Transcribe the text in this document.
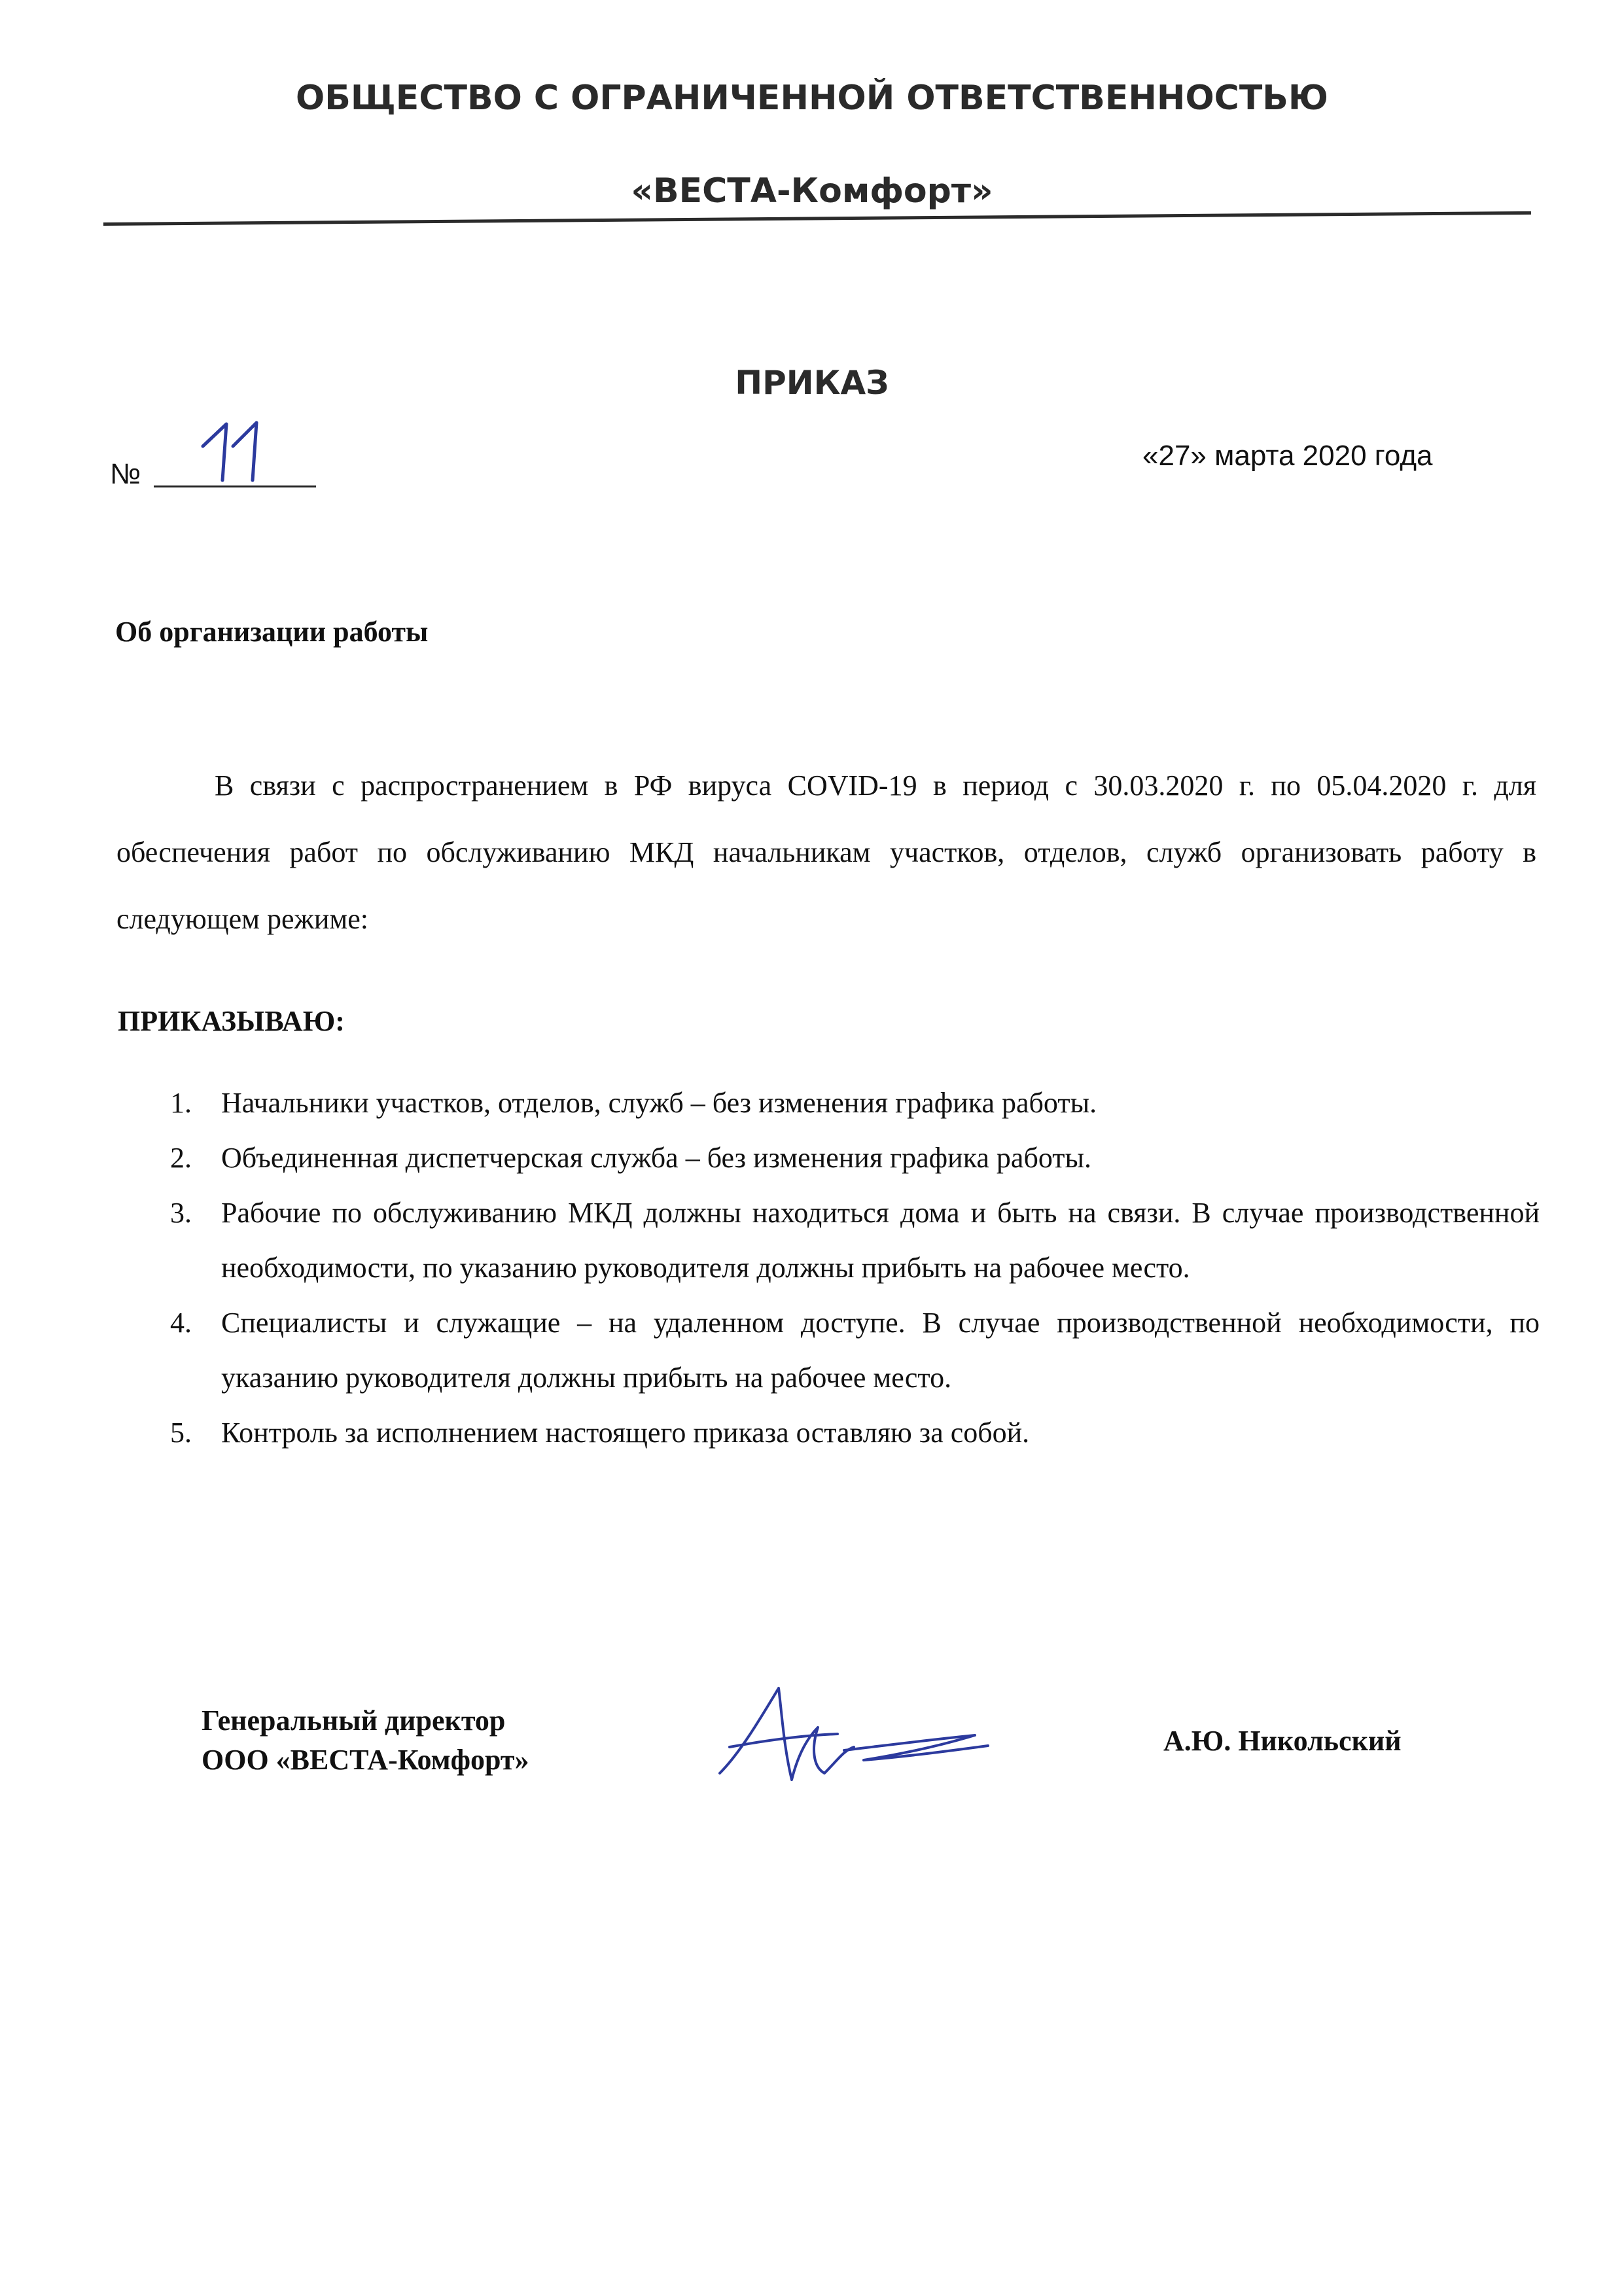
ОБЩЕСТВО С ОГРАНИЧЕННОЙ ОТВЕТСТВЕННОСТЬЮ
«ВЕСТА-Комфорт»
ПРИКАЗ
№
«27» марта 2020 года
Об организации работы
В связи с распространением в РФ вируса COVID-19 в период с 30.03.2020 г. по 05.04.2020 г. для обеспечения работ по обслуживанию МКД начальникам участков, отделов, служб организовать работу в следующем режиме:
ПРИКАЗЫВАЮ:
1. Начальники участков, отделов, служб – без изменения графика работы.
2. Объединенная диспетчерская служба – без изменения графика работы.
3. Рабочие по обслуживанию МКД должны находиться дома и быть на связи. В случае производственной необходимости, по указанию руководителя должны прибыть на рабочее место.
4. Специалисты и служащие – на удаленном доступе. В случае производственной необходимости, по указанию руководителя должны прибыть на рабочее место.
5. Контроль за исполнением настоящего приказа оставляю за собой.
Генеральный директор
ООО «ВЕСТА-Комфорт»
А.Ю. Никольский
